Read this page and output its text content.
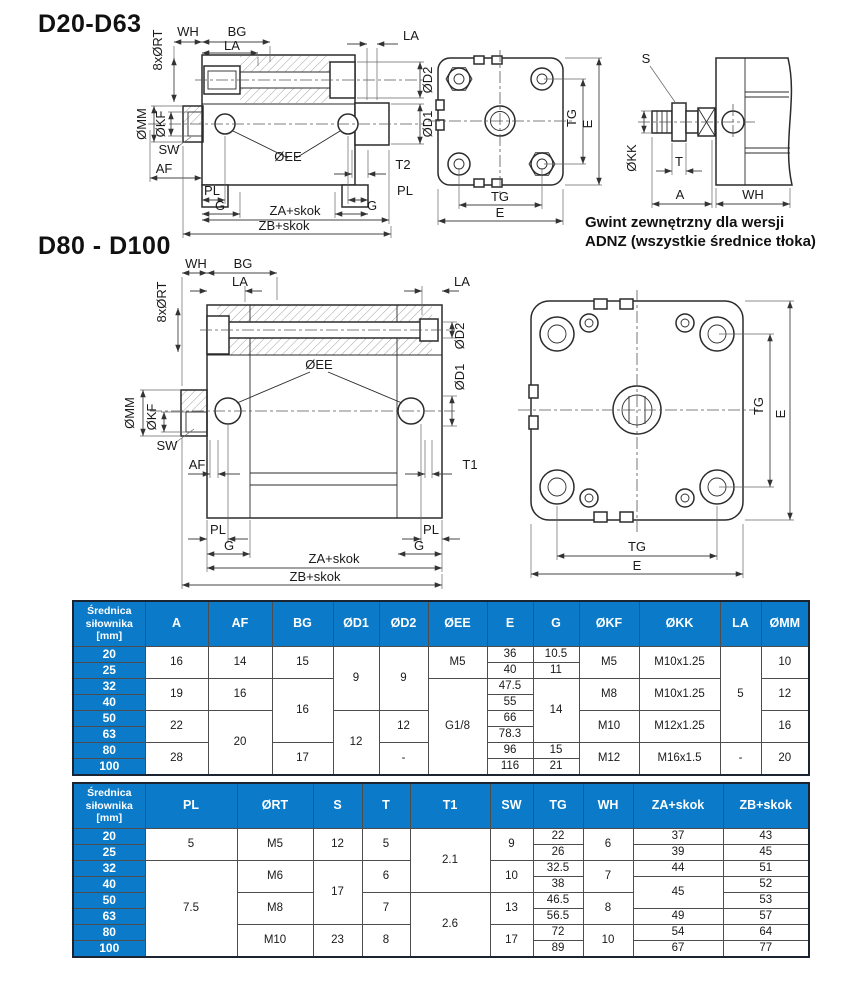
D20-D63
D80 - D100
WH BG
LA
8xØRT	LA
ØD2
ØD1
ØMM ØKF
SW
AF	T2
PL
G
PL
G
ZA+skok
ZB+skok
ØEE
TG E
TG
E
S
ØKK	T
A	WH
WH BG
LA
8xØRT
LA
ØD2
ØD1
ØMM ØKF
SW
AF	T1
PL
G
PL
G
ZA+skok
ZB+skok
ØEE
TG E
TG
E
Gwint zewnętrzny dla wersji
ADNZ (wszystkie średnice tłoka)
Średnica siłownika [mm]	A	AF	BG	ØD1	ØD2	ØEE	E	G	ØKF	ØKK	LA	ØMM
20	16	14	15	9	9	M5	36	10.5	M5	M10x1.25	5	10
25							40	11				
32	19	16	16			G1/8	47.5	14	M8	M10x1.25		12
40							55					
50	22	20		12	12		66		M10	M12x1.25		16
63							78.3					
80	28		17		-		96	15	M12	M16x1.5	-	20
100							116	21				
Średnica siłownika [mm]	PL	ØRT	S	T	T1	SW	TG	WH	ZA+skok	ZB+skok
20	5	M5	12	5	2.1	9	22	6	37	43
25							26		39	45
32	7.5	M6	17	6		10	32.5	7	44	51
40							38		45	52
50		M8		7	2.6	13	46.5	8		53
63							56.5		49	57
80		M10	23	8		17	72	10	54	64
100							89		67	77
